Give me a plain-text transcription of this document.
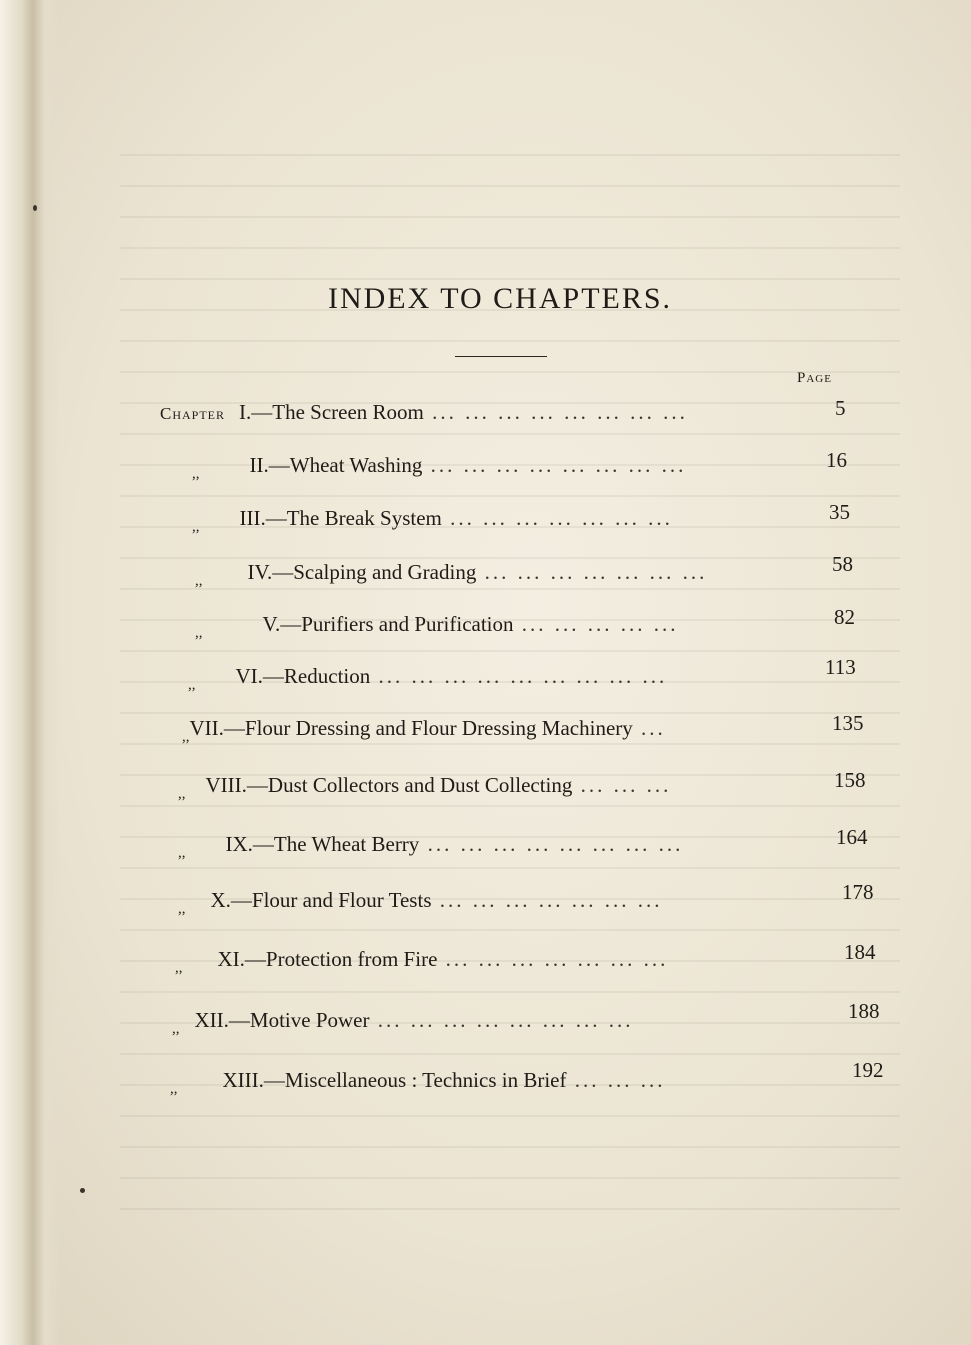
INDEX TO CHAPTERS.
Page
Chapter I.—The Screen Room ... ... ... ... ... ... ... ...	5
$_{,,}$ II.—Wheat Washing ... ... ... ... ... ... ... ...	16
$_{,,}$ III.—The Break System ... ... ... ... ... ... ...	35
$_{,,}$ IV.—Scalping and Grading ... ... ... ... ... ... ...	58
$_{,,}$	V.—Purifiers and Purification ... ... ... ... ...	82
$_{,,}$ VI.—Reduction ... ... ... ... ... ... ... ... ...	113
$_{,,}$VII.—Flour Dressing and Flour Dressing Machinery ...	135
$_{,,}$ VIII.—Dust Collectors and Dust Collecting ... ... ...	158
$_{,,}$ IX.—The Wheat Berry ... ... ... ... ... ... ... ...	164
$_{,,}$ X.—Flour and Flour Tests ... ... ... ... ... ... ...	178
$_{,,}$ XI.—Protection from Fire ... ... ... ... ... ... ...	184
$_{,,}$ XII.—Motive Power ... ... ... ... ... ... ... ...	188
$_{,,}$ XIII.—Miscellaneous : Technics in Brief ... ... ...	192
